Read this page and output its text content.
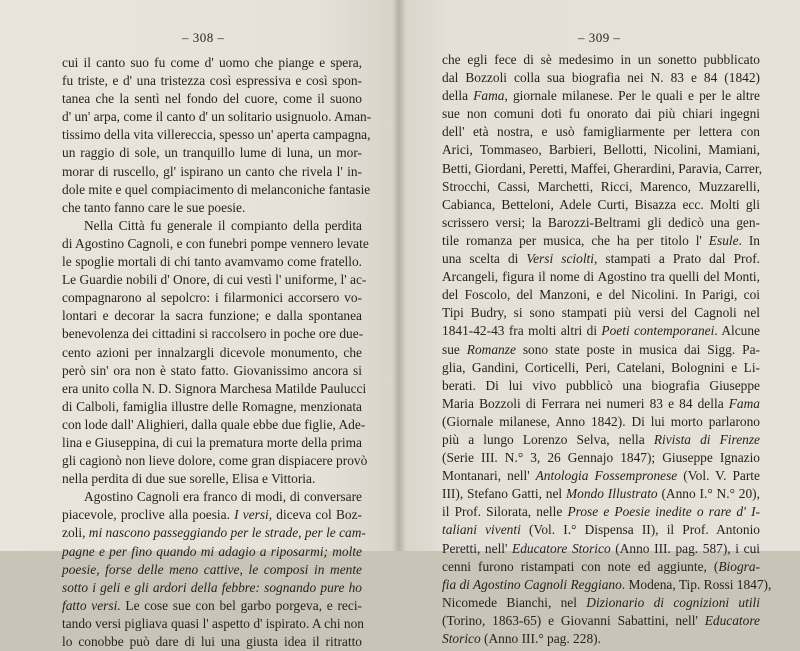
– 308 –
cui il canto suo fu come d' uomo che piange e spera,
fu triste, e d' una tristezza così espressiva e così spon-
tanea che la sentì nel fondo del cuore, come il suono
d' un' arpa, come il canto d' un solitario usignuolo. Aman-
tissimo della vita villereccia, spesso un' aperta campagna,
un raggio di sole, un tranquillo lume di luna, un mor-
morar di ruscello, gl' ispirano un canto che rivela l' in-
dole mite e quel compiacimento di melanconiche fantasie
che tanto fanno care le sue poesie.
Nella Città fu generale il compianto della perdita
di Agostino Cagnoli, e con funebri pompe vennero levate
le spoglie mortali di chi tanto avamvamo come fratello.
Le Guardie nobili d' Onore, di cui vestì l' uniforme, l' ac-
compagnarono al sepolcro: i filarmonici accorsero vo-
lontari e decorar la sacra funzione; e dalla spontanea
benevolenza dei cittadini si raccolsero in poche ore due-
cento azioni per innalzargli dicevole monumento, che
però sin' ora non è stato fatto. Giovanissimo ancora si
era unito colla N. D. Signora Marchesa Matilde Paulucci
di Calboli, famiglia illustre delle Romagne, menzionata
con lode dall' Alighieri, dalla quale ebbe due figlie, Ade-
lina e Giuseppina, di cui la prematura morte della prima
gli cagionò non lieve dolore, come gran dispiacere provò
nella perdita di due sue sorelle, Elisa e Vittoria.
Agostino Cagnoli era franco di modi, di conversare
piacevole, proclive alla poesia. I versi, diceva col Boz-
zoli, mi nascono passeggiando per le strade, per le cam-
pagne e per fino quando mi adagio a riposarmi; molte
poesie, forse delle meno cattive, le composi in mente
sotto i geli e gli ardori della febbre: sognando pure ho
fatto versi. Le cose sue con bel garbo porgeva, e reci-
tando versi pigliava quasi l' aspetto d' ispirato. A chi non
lo conobbe può dare di lui una giusta idea il ritratto
– 309 –
che egli fece di sè medesimo in un sonetto pubblicato
dal Bozzoli colla sua biografia nei N. 83 e 84 (1842)
della Fama, giornale milanese. Per le quali e per le altre
sue non comuni doti fu onorato dai più chiari ingegni
dell' età nostra, e usò famigliarmente per lettera con
Arici, Tommaseo, Barbieri, Bellotti, Nicolini, Mamiani,
Betti, Giordani, Peretti, Maffei, Gherardini, Paravia, Carrer,
Strocchi, Cassi, Marchetti, Ricci, Marenco, Muzzarelli,
Cabianca, Betteloni, Adele Curti, Bisazza ecc. Molti gli
scrissero versi; la Barozzi-Beltrami gli dedicò una gen-
tile romanza per musica, che ha per titolo l' Esule. In
una scelta di Versi sciolti, stampati a Prato dal Prof.
Arcangeli, figura il nome di Agostino tra quelli del Monti,
del Foscolo, del Manzoni, e del Nicolini. In Parigi, coi
Tipi Budry, si sono stampati più versi del Cagnoli nel
1841-42-43 fra molti altri di Poeti contemporanei. Alcune
sue Romanze sono state poste in musica dai Sigg. Pa-
glia, Gandini, Corticelli, Peri, Catelani, Bolognini e Li-
berati. Di lui vivo pubblicò una biografia Giuseppe
Maria Bozzoli di Ferrara nei numeri 83 e 84 della Fama
(Giornale milanese, Anno 1842). Di lui morto parlarono
più a lungo Lorenzo Selva, nella Rivista di Firenze
(Serie III. N.° 3, 26 Gennajo 1847); Giuseppe Ignazio
Montanari, nell' Antologia Fossempronese (Vol. V. Parte
III), Stefano Gatti, nel Mondo Illustrato (Anno I.° N.° 20),
il Prof. Silorata, nelle Prose e Poesie inedite o rare d' I-
taliani viventi (Vol. I.° Dispensa II), il Prof. Antonio
Peretti, nell' Educatore Storico (Anno III. pag. 587), i cui
cenni furono ristampati con note ed aggiunte, (Biogra-
fia di Agostino Cagnoli Reggiano. Modena, Tip. Rossi 1847),
Nicomede Bianchi, nel Dizionario di cognizioni utili
(Torino, 1863-65) e Giovanni Sabattini, nell' Educatore
Storico (Anno III.° pag. 228).
